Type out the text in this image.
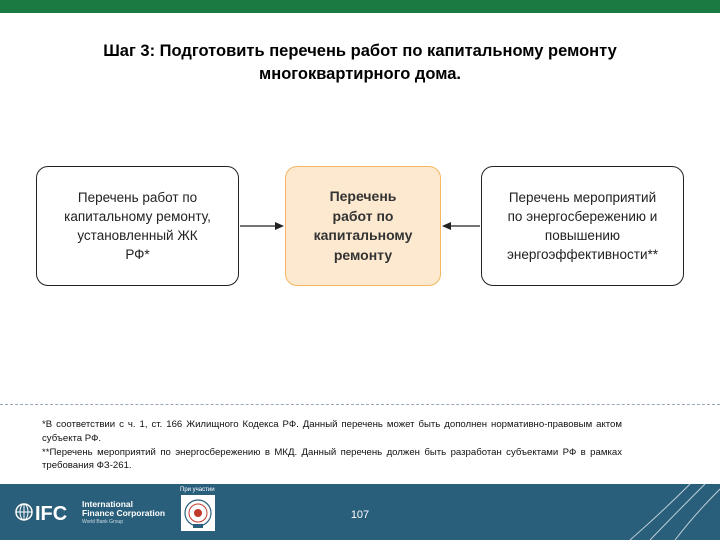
Шаг 3: Подготовить перечень работ по капитальному ремонту
многоквартирного дома.
Перечень работ по
капитальному ремонту,
установленный ЖК
РФ*
Перечень
работ по
капитальному
ремонту
Перечень мероприятий
по энергосбережению и
повышению
энергоэффективности**

*В соответствии с ч. 1, ст. 166 Жилищного Кодекса РФ. Данный перечень может быть дополнен нормативно-правовым актом субъекта РФ.

**Перечень мероприятий по энергосбережению в МКД. Данный перечень должен быть разработан субъектами РФ в рамках требования ФЗ-261.

IFC International
Finance Corporation
World Bank Group
При участии
107
